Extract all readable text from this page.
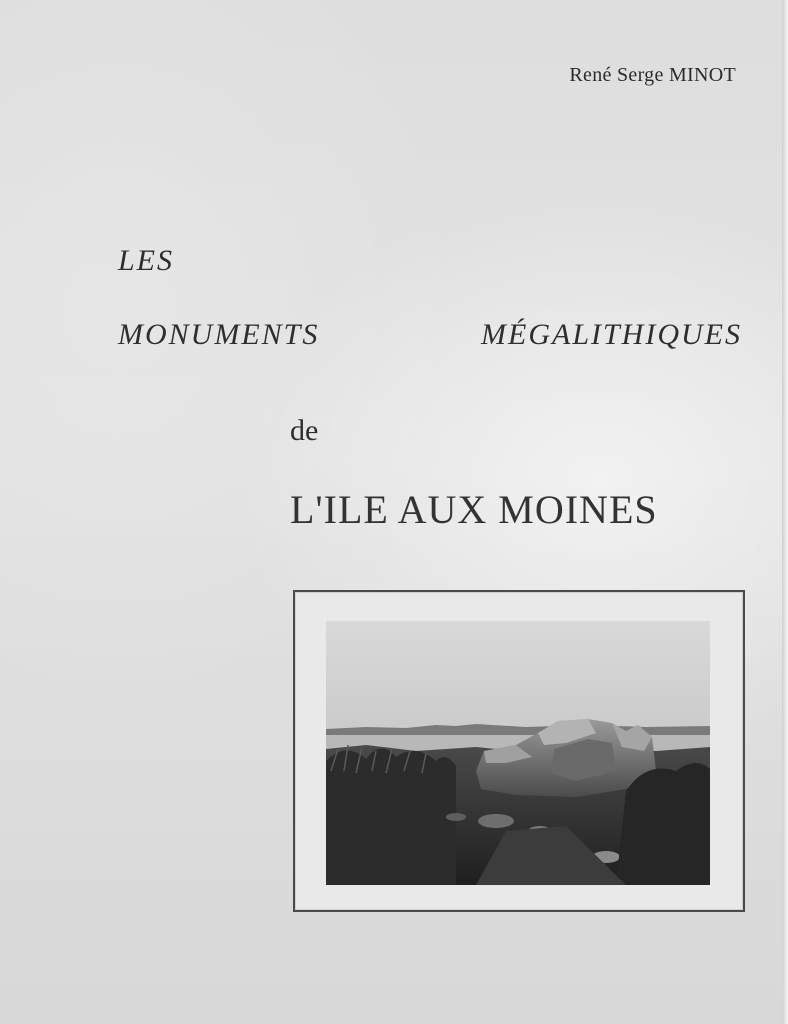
René Serge MINOT
LES
MONUMENTS	MÉGALITHIQUES
de
L'ILE AUX MOINES
